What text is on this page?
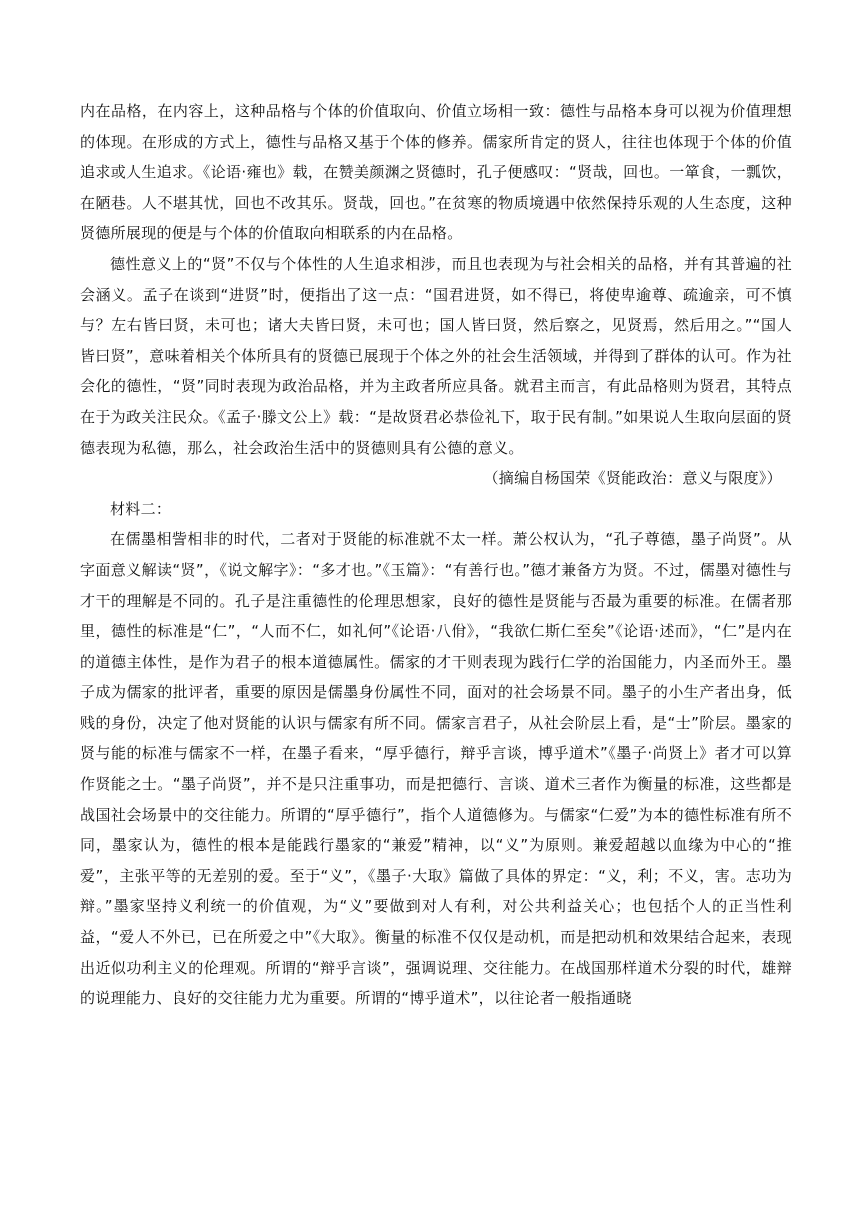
内在品格，在内容上，这种品格与个体的价值取向、价值立场相一致：德性与品格本身可以视为价值理想的体现。在形成的方式上，德性与品格又基于个体的修养。儒家所肯定的贤人，往往也体现于个体的价值追求或人生追求。《论语·雍也》载，在赞美颜渊之贤德时，孔子便感叹：“贤哉，回也。一箪食，一瓢饮，在陋巷。人不堪其忧，回也不改其乐。贤哉，回也。”在贫寒的物质境遇中依然保持乐观的人生态度，这种贤德所展现的便是与个体的价值取向相联系的内在品格。

德性意义上的“贤”不仅与个体性的人生追求相涉，而且也表现为与社会相关的品格，并有其普遍的社会涵义。孟子在谈到“进贤”时，便指出了这一点：“国君进贤，如不得已，将使卑逾尊、疏逾亲，可不慎与？左右皆曰贤，未可也；诸大夫皆曰贤，未可也；国人皆曰贤，然后察之，见贤焉，然后用之。”“国人皆曰贤”，意味着相关个体所具有的贤德已展现于个体之外的社会生活领域，并得到了群体的认可。作为社会化的德性，“贤”同时表现为政治品格，并为主政者所应具备。就君主而言，有此品格则为贤君，其特点在于为政关注民众。《孟子·滕文公上》载：“是故贤君必恭俭礼下，取于民有制。”如果说人生取向层面的贤德表现为私德，那么，社会政治生活中的贤德则具有公德的意义。

（摘编自杨国荣《贤能政治：意义与限度》）

材料二：

在儒墨相訾相非的时代，二者对于贤能的标准就不太一样。萧公权认为，“孔子尊德，墨子尚贤”。从字面意义解读“贤”，《说文解字》：“多才也。”《玉篇》：“有善行也。”德才兼备方为贤。不过，儒墨对德性与才干的理解是不同的。孔子是注重德性的伦理思想家，良好的德性是贤能与否最为重要的标准。在儒者那里，德性的标准是“仁”，“人而不仁，如礼何”《论语·八佾》，“我欲仁斯仁至矣”《论语·述而》，“仁”是内在的道德主体性，是作为君子的根本道德属性。儒家的才干则表现为践行仁学的治国能力，内圣而外王。墨子成为儒家的批评者，重要的原因是儒墨身份属性不同，面对的社会场景不同。墨子的小生产者出身，低贱的身份，决定了他对贤能的认识与儒家有所不同。儒家言君子，从社会阶层上看，是“士”阶层。墨家的贤与能的标准与儒家不一样，在墨子看来，“厚乎德行，辩乎言谈，博乎道术”《墨子·尚贤上》者才可以算作贤能之士。“墨子尚贤”，并不是只注重事功，而是把德行、言谈、道术三者作为衡量的标准，这些都是战国社会场景中的交往能力。所谓的“厚乎德行”，指个人道德修为。与儒家“仁爱”为本的德性标准有所不同，墨家认为，德性的根本是能践行墨家的“兼爱”精神，以“义”为原则。兼爱超越以血缘为中心的“推爱”，主张平等的无差别的爱。至于“义”，《墨子·大取》篇做了具体的界定：“义，利；不义，害。志功为辩。”墨家坚持义利统一的价值观，为“义”要做到对人有利，对公共利益关心；也包括个人的正当性利益，“爱人不外已，已在所爱之中”《大取》。衡量的标准不仅仅是动机，而是把动机和效果结合起来，表现出近似功利主义的伦理观。所谓的“辩乎言谈”，强调说理、交往能力。在战国那样道术分裂的时代，雄辩的说理能力、良好的交往能力尤为重要。所谓的“博乎道术”，以往论者一般指通晓
